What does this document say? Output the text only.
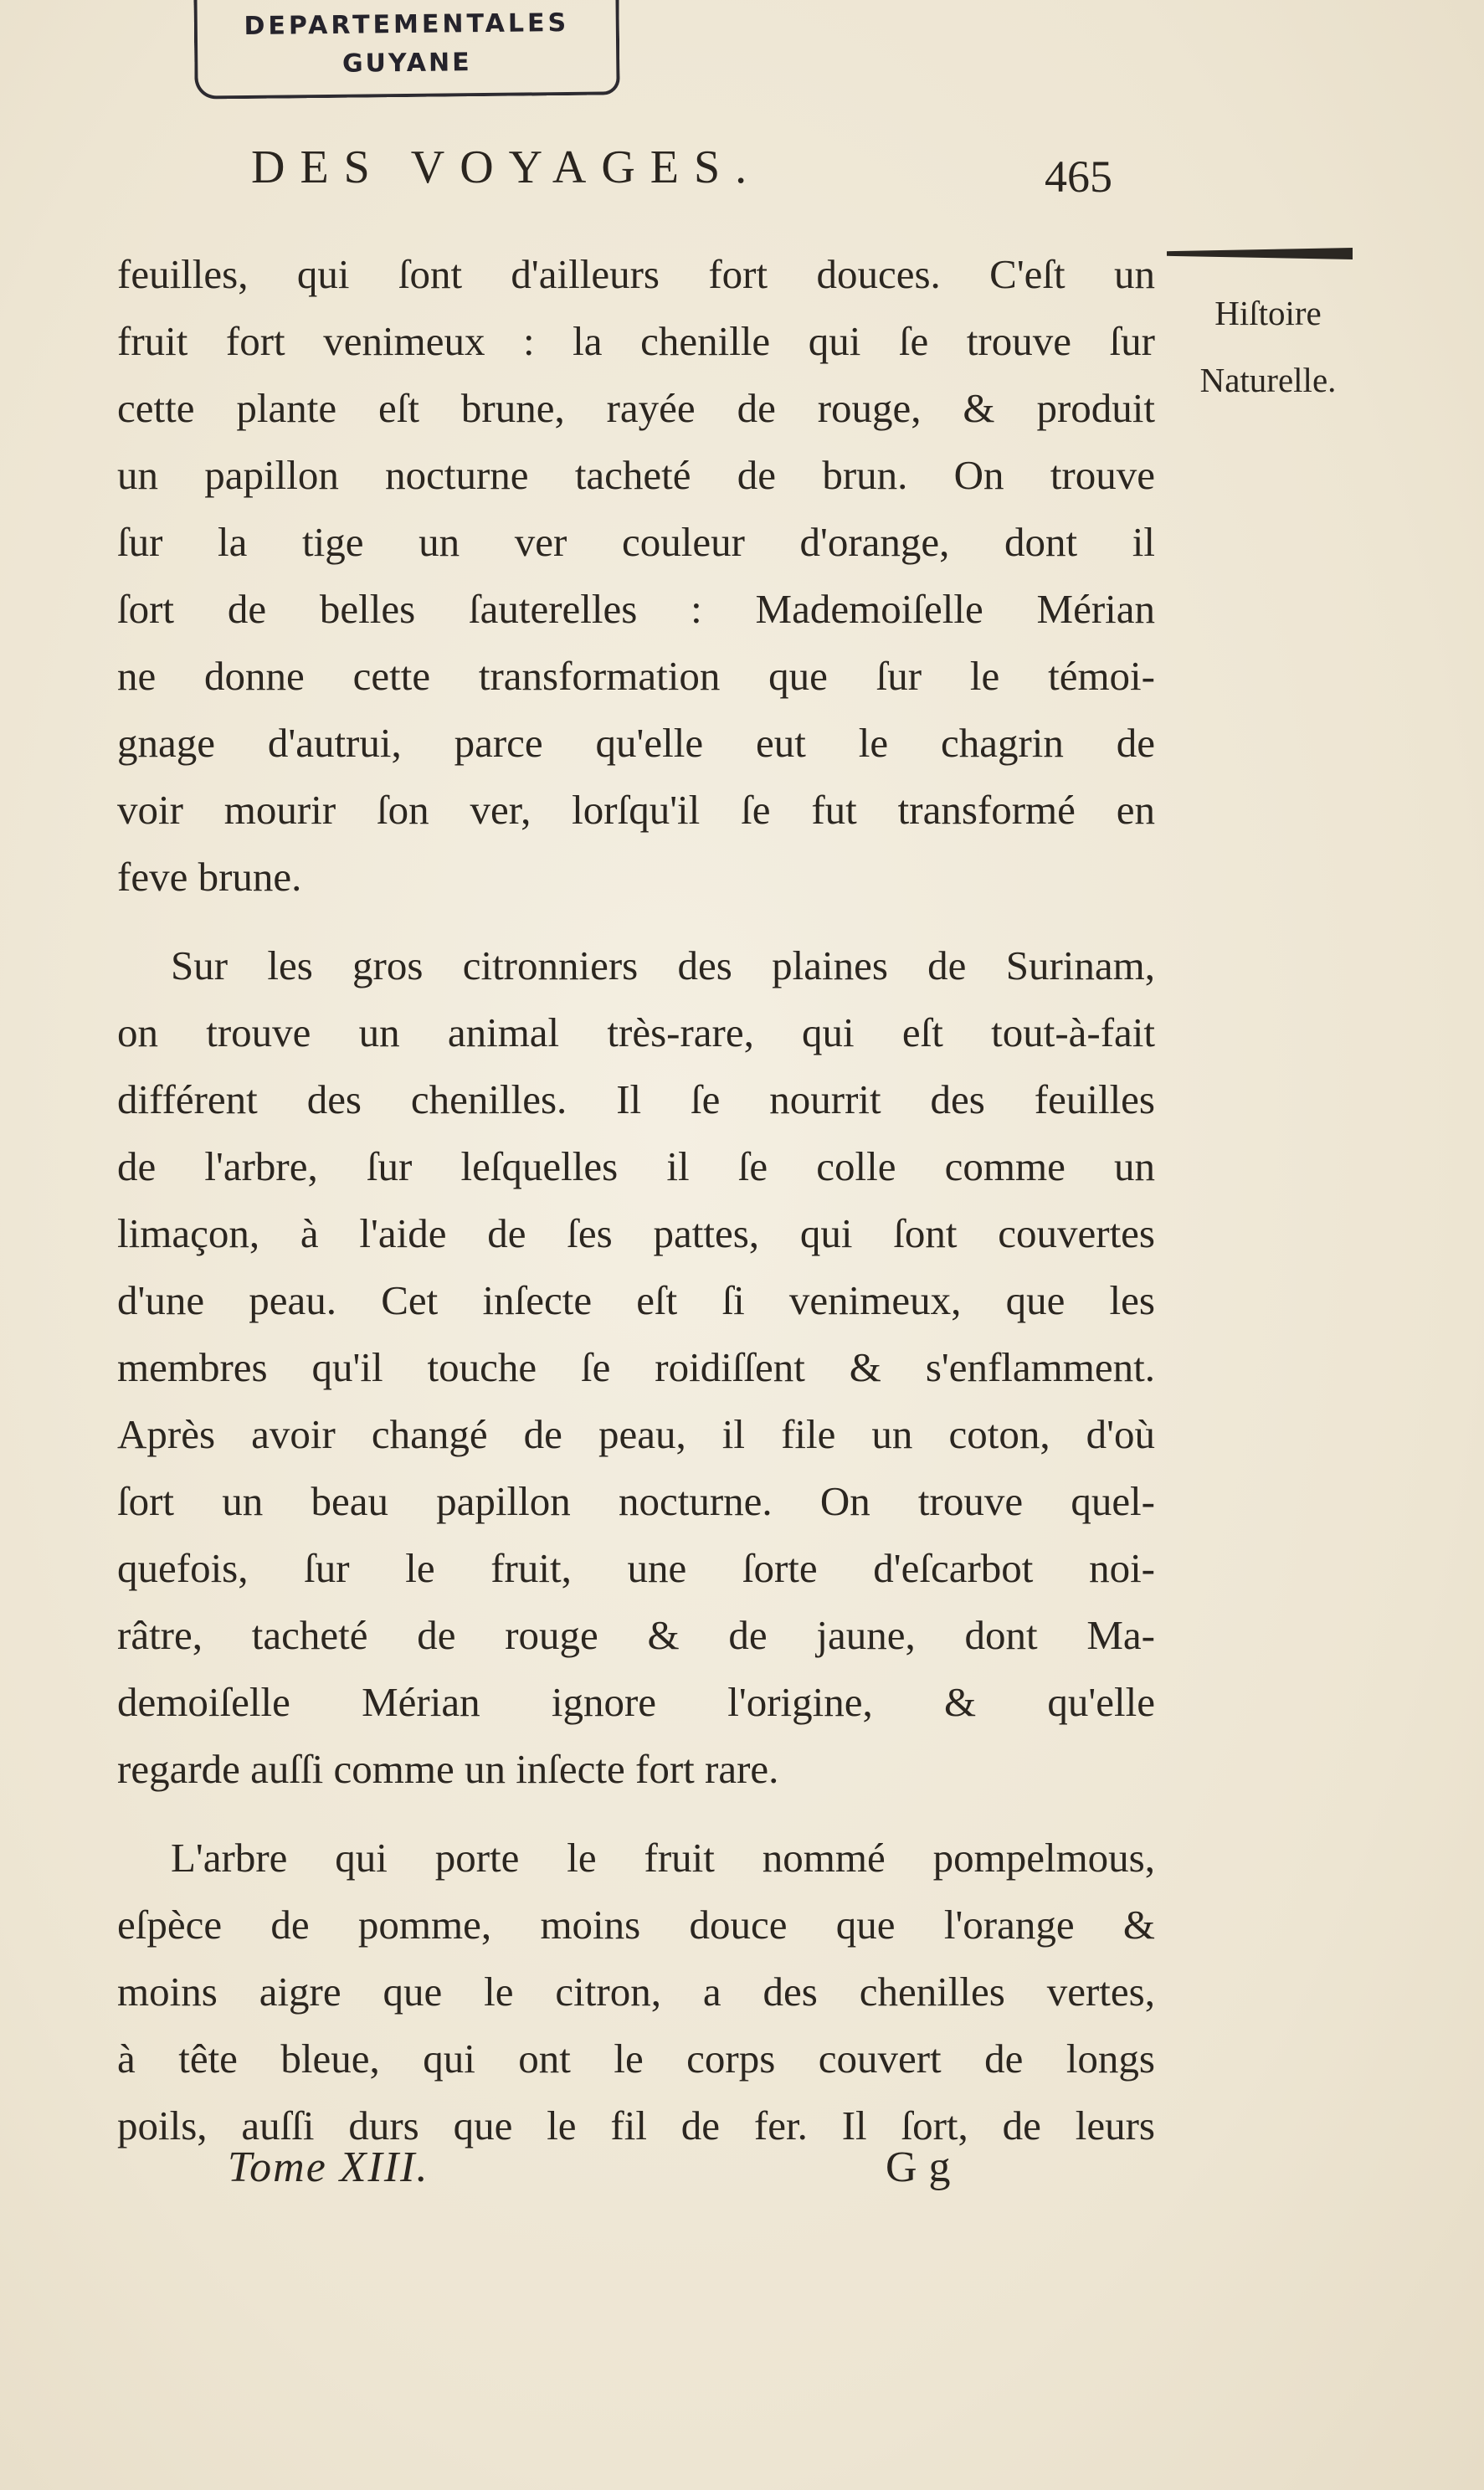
DEPARTEMENTALES
GUYANE
DES VOYAGES.	465
Hiſtoire
Naturelle.
feuilles, qui ſont d'ailleurs fort douces. C'eſt un
fruit fort venimeux : la chenille qui ſe trouve ſur
cette plante eſt brune, rayée de rouge, & produit
un papillon nocturne tacheté de brun. On trouve
ſur la tige un ver couleur d'orange, dont il
ſort de belles ſauterelles : Mademoiſelle Mérian
ne donne cette transformation que ſur le témoi-
gnage d'autrui, parce qu'elle eut le chagrin de
voir mourir ſon ver, lorſqu'il ſe fut transformé en
feve brune.
Sur les gros citronniers des plaines de Surinam,
on trouve un animal très-rare, qui eſt tout-à-fait
différent des chenilles. Il ſe nourrit des feuilles
de l'arbre, ſur leſquelles il ſe colle comme un
limaçon, à l'aide de ſes pattes, qui ſont couvertes
d'une peau. Cet inſecte eſt ſi venimeux, que les
membres qu'il touche ſe roidiſſent & s'enflamment.
Après avoir changé de peau, il file un coton, d'où
ſort un beau papillon nocturne. On trouve quel-
quefois, ſur le fruit, une ſorte d'eſcarbot noi-
râtre, tacheté de rouge & de jaune, dont Ma-
demoiſelle Mérian ignore l'origine, & qu'elle
regarde auſſi comme un inſecte fort rare.
L'arbre qui porte le fruit nommé pompelmous,
eſpèce de pomme, moins douce que l'orange &
moins aigre que le citron, a des chenilles vertes,
à tête bleue, qui ont le corps couvert de longs
poils, auſſi durs que le fil de fer. Il ſort, de leurs
Tome XIII.	Gg
